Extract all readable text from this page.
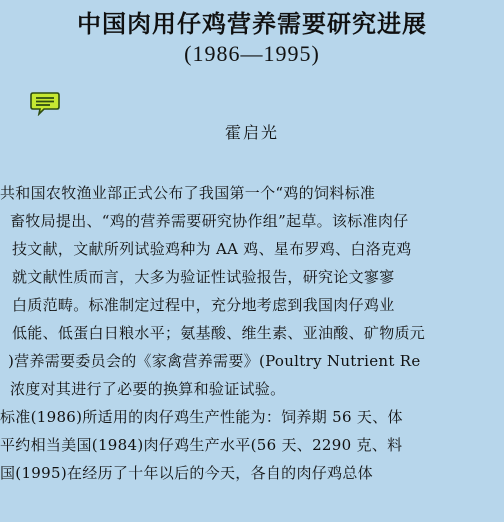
中国肉用仔鸡营养需要研究进展
(1986—1995)
霍启光
共和国农牧渔业部正式公布了我国第一个“鸡的饲料标准
畜牧局提出、“鸡的营养需要研究协作组”起草。该标准肉仔
技文献，文献所列试验鸡种为 AA 鸡、星布罗鸡、白洛克鸡
就文献性质而言，大多为验证性试验报告，研究论文寥寥
白质范畴。标准制定过程中，充分地考虑到我国肉仔鸡业
低能、低蛋白日粮水平；氨基酸、维生素、亚油酸、矿物质元
)营养需要委员会的《家禽营养需要》(Poultry Nutrient Re
浓度对其进行了必要的换算和验证试验。
标准(1986)所适用的肉仔鸡生产性能为：饲养期 56 天、体
平约相当美国(1984)肉仔鸡生产水平(56 天、2290 克、料
国(1995)在经历了十年以后的今天，各自的肉仔鸡总体
